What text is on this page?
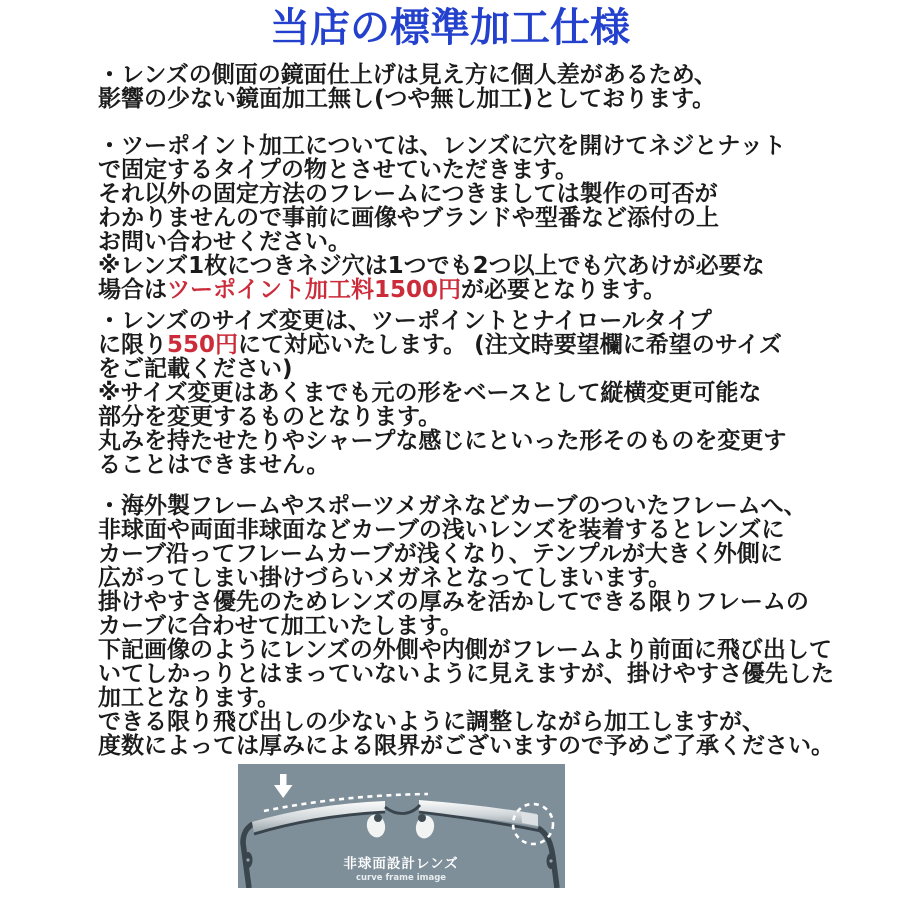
当店の標準加工仕様
・レンズの側面の鏡面仕上げは見え方に個人差があるため、
影響の少ない鏡面加工無し(つや無し加工)としております。
・ツーポイント加工については、レンズに穴を開けてネジとナット
で固定するタイプの物とさせていただきます。
それ以外の固定方法のフレームにつきましては製作の可否が
わかりませんので事前に画像やブランドや型番など添付の上
お問い合わせください。
※レンズ1枚につきネジ穴は1つでも2つ以上でも穴あけが必要な
場合はツーポイント加工料1500円が必要となります。
・レンズのサイズ変更は、ツーポイントとナイロールタイプ
に限り550円にて対応いたします。 (注文時要望欄に希望のサイズ
をご記載ください)
※サイズ変更はあくまでも元の形をベースとして縦横変更可能な
部分を変更するものとなります。
丸みを持たせたりやシャープな感じにといった形そのものを変更す
ることはできません。
・海外製フレームやスポーツメガネなどカーブのついたフレームへ、
非球面や両面非球面などカーブの浅いレンズを装着するとレンズに
カーブ沿ってフレームカーブが浅くなり、テンプルが大きく外側に
広がってしまい掛けづらいメガネとなってしまいます。
掛けやすさ優先のためレンズの厚みを活かしてできる限りフレームの
カーブに合わせて加工いたします。
下記画像のようにレンズの外側や内側がフレームより前面に飛び出して
いてしかっりとはまっていないように見えますが、掛けやすさ優先した
加工となります。
できる限り飛び出しの少ないように調整しながら加工しますが、
度数によっては厚みによる限界がございますので予めご了承ください。
非球面設計レンズ
curve frame image
